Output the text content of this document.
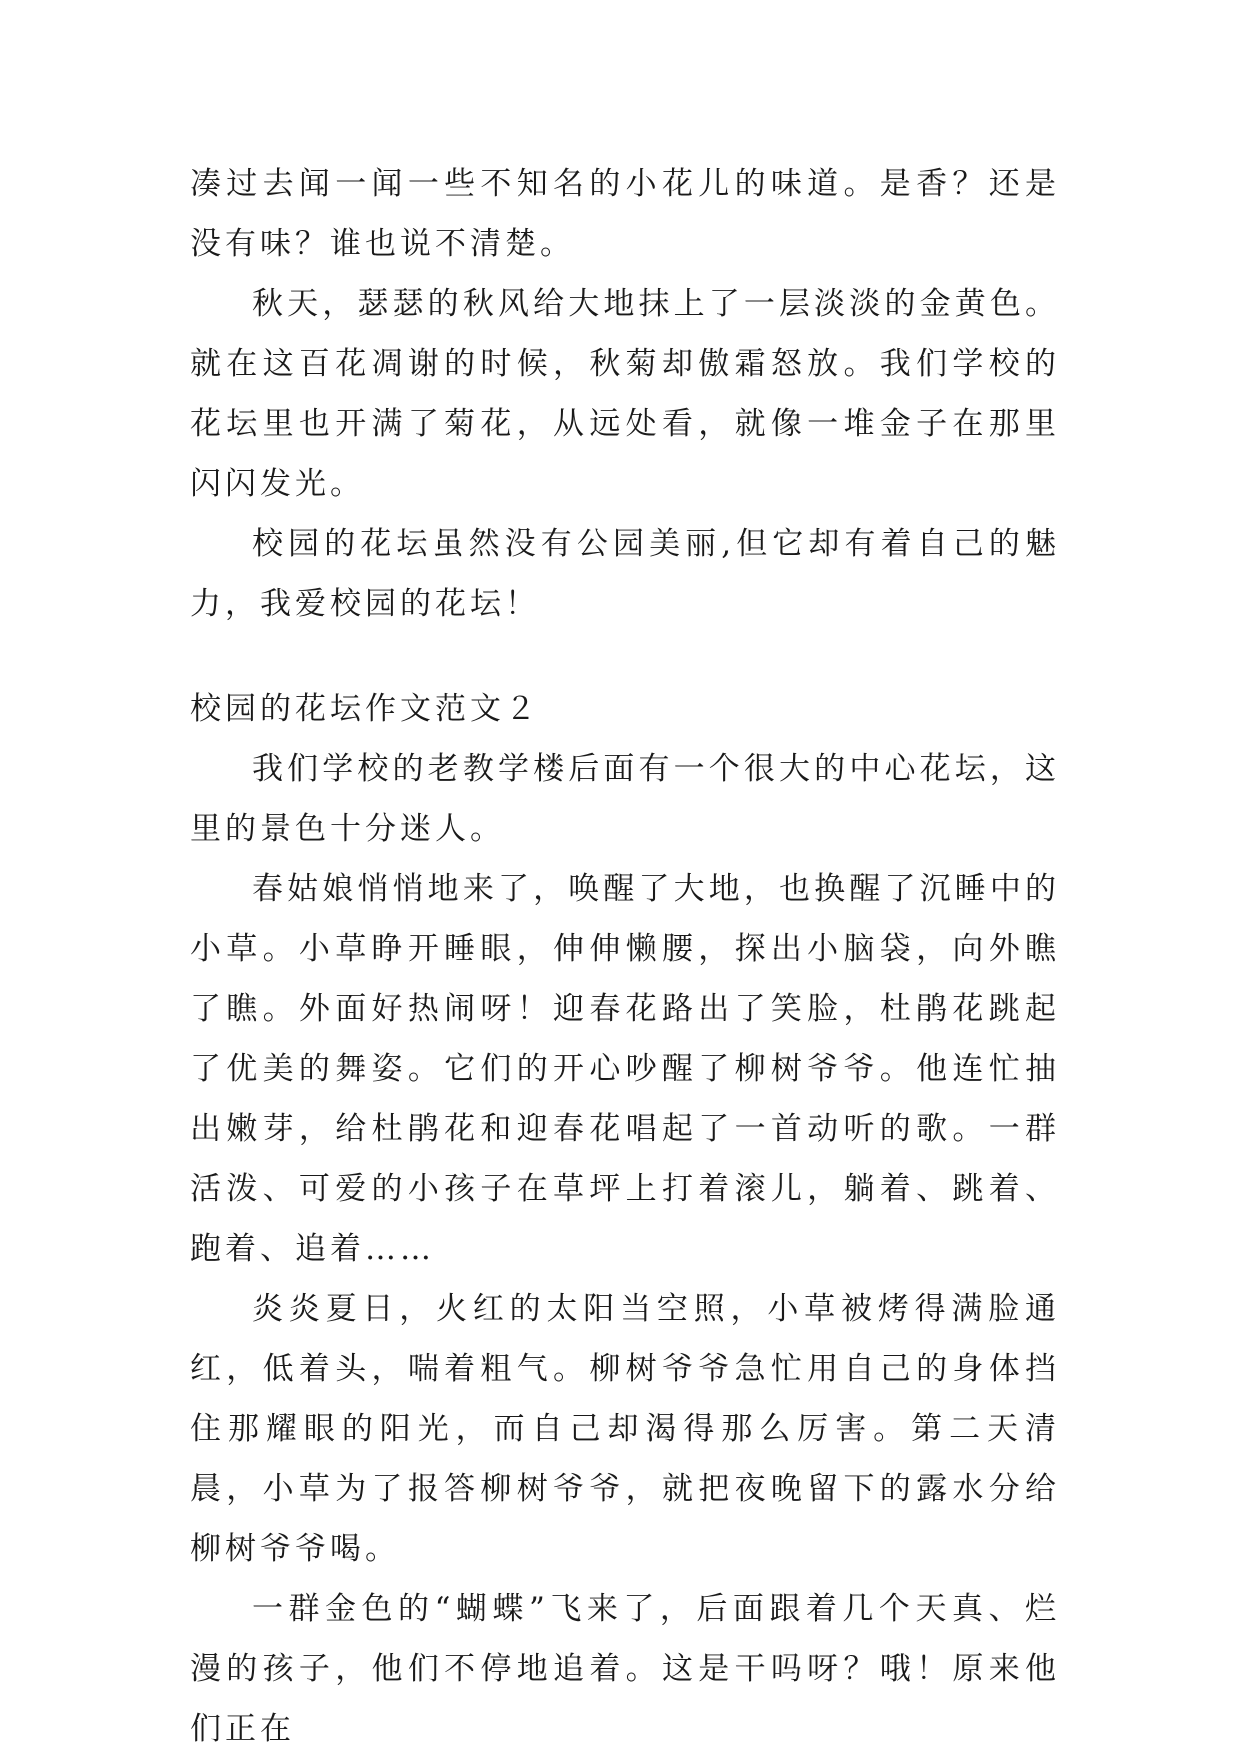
凑过去闻一闻一些不知名的小花儿的味道。是香？还是没有味？谁也说不清楚。

秋天，瑟瑟的秋风给大地抹上了一层淡淡的金黄色。就在这百花凋谢的时候，秋菊却傲霜怒放。我们学校的花坛里也开满了菊花，从远处看，就像一堆金子在那里闪闪发光。

校园的花坛虽然没有公园美丽,但它却有着自己的魅力，我爱校园的花坛！

校园的花坛作文范文２

我们学校的老教学楼后面有一个很大的中心花坛，这里的景色十分迷人。

春姑娘悄悄地来了，唤醒了大地，也换醒了沉睡中的小草。小草睁开睡眼，伸伸懒腰，探出小脑袋，向外瞧了瞧。外面好热闹呀！迎春花路出了笑脸，杜鹃花跳起了优美的舞姿。它们的开心吵醒了柳树爷爷。他连忙抽出嫩芽，给杜鹃花和迎春花唱起了一首动听的歌。一群活泼、可爱的小孩子在草坪上打着滚儿，躺着、跳着、跑着、追着……

炎炎夏日，火红的太阳当空照，小草被烤得满脸通红，低着头，喘着粗气。柳树爷爷急忙用自己的身体挡住那耀眼的阳光，而自己却渴得那么厉害。第二天清晨，小草为了报答柳树爷爷，就把夜晚留下的露水分给柳树爷爷喝。

一群金色的“蝴蝶”飞来了，后面跟着几个天真、烂漫的孩子，他们不停地追着。这是干吗呀？哦！原来他们正在
